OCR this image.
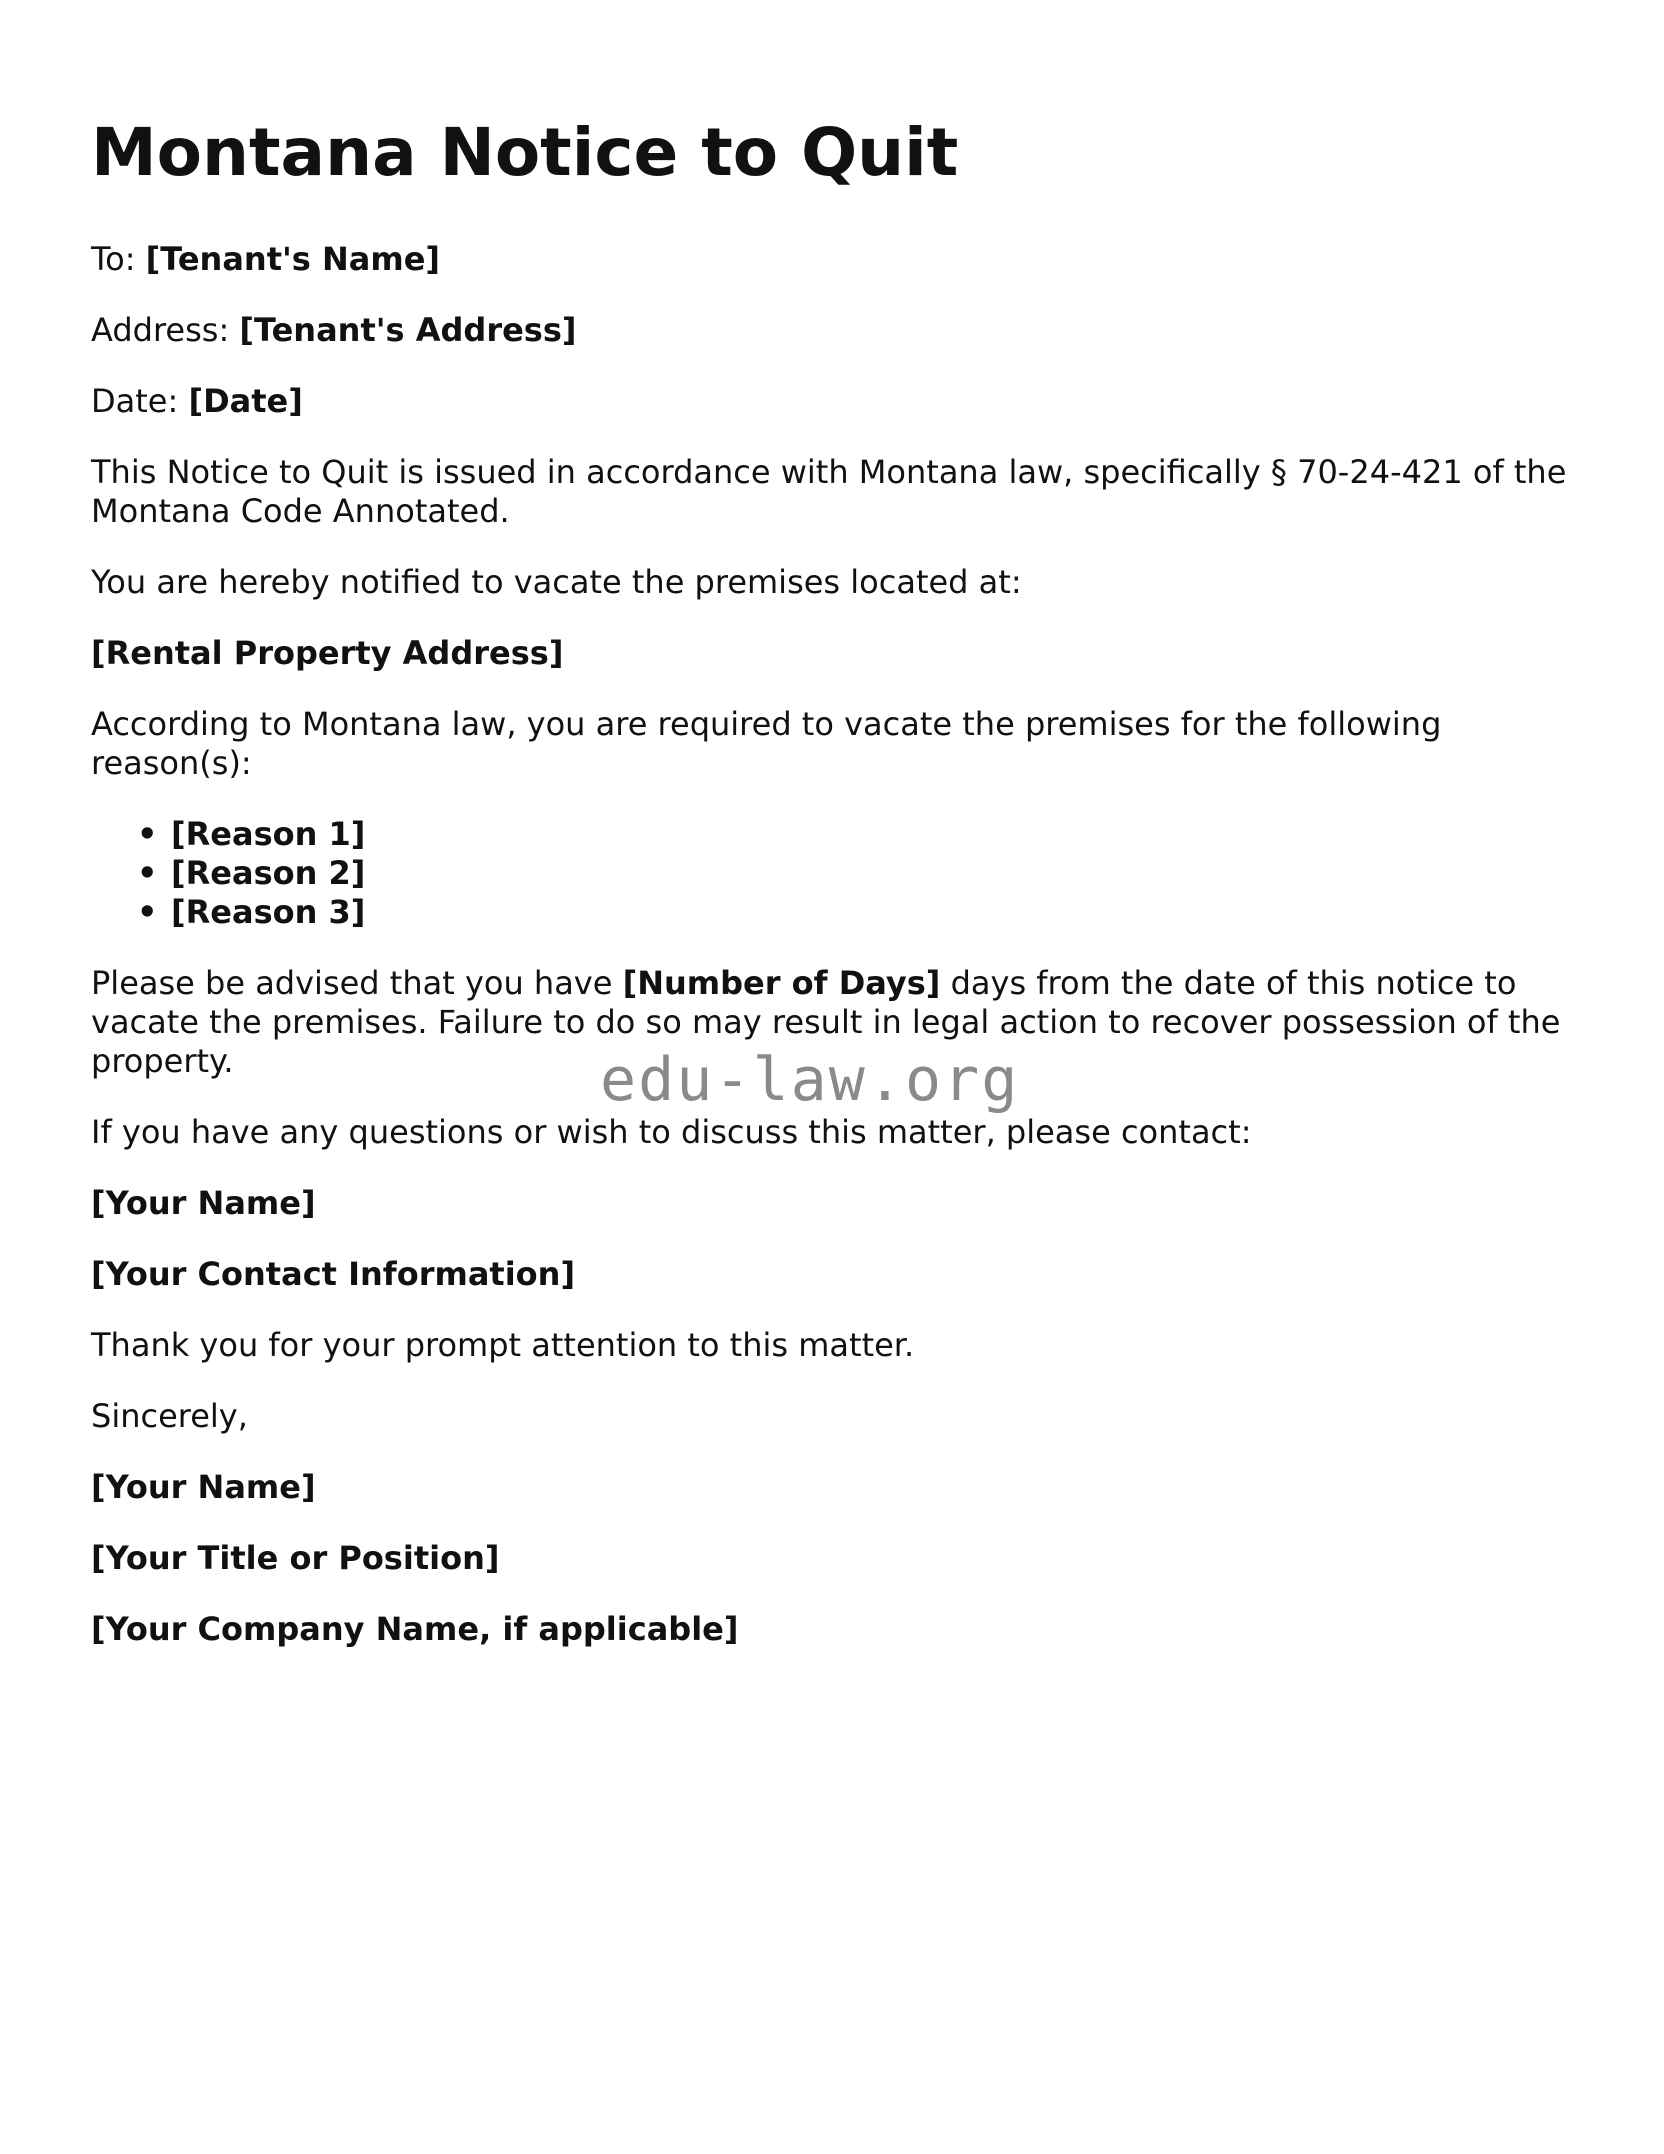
Montana Notice to Quit

To: [Tenant's Name]

Address: [Tenant's Address]

Date: [Date]

This Notice to Quit is issued in accordance with Montana law, specifically § 70-24-421 of the Montana Code Annotated.

You are hereby notified to vacate the premises located at:

[Rental Property Address]

According to Montana law, you are required to vacate the premises for the following reason(s):

• [Reason 1]
• [Reason 2]
• [Reason 3]

Please be advised that you have [Number of Days] days from the date of this notice to vacate the premises. Failure to do so may result in legal action to recover possession of the property.

If you have any questions or wish to discuss this matter, please contact:

[Your Name]

[Your Contact Information]

Thank you for your prompt attention to this matter.

Sincerely,

[Your Name]

[Your Title or Position]

[Your Company Name, if applicable]

edu-law.org
